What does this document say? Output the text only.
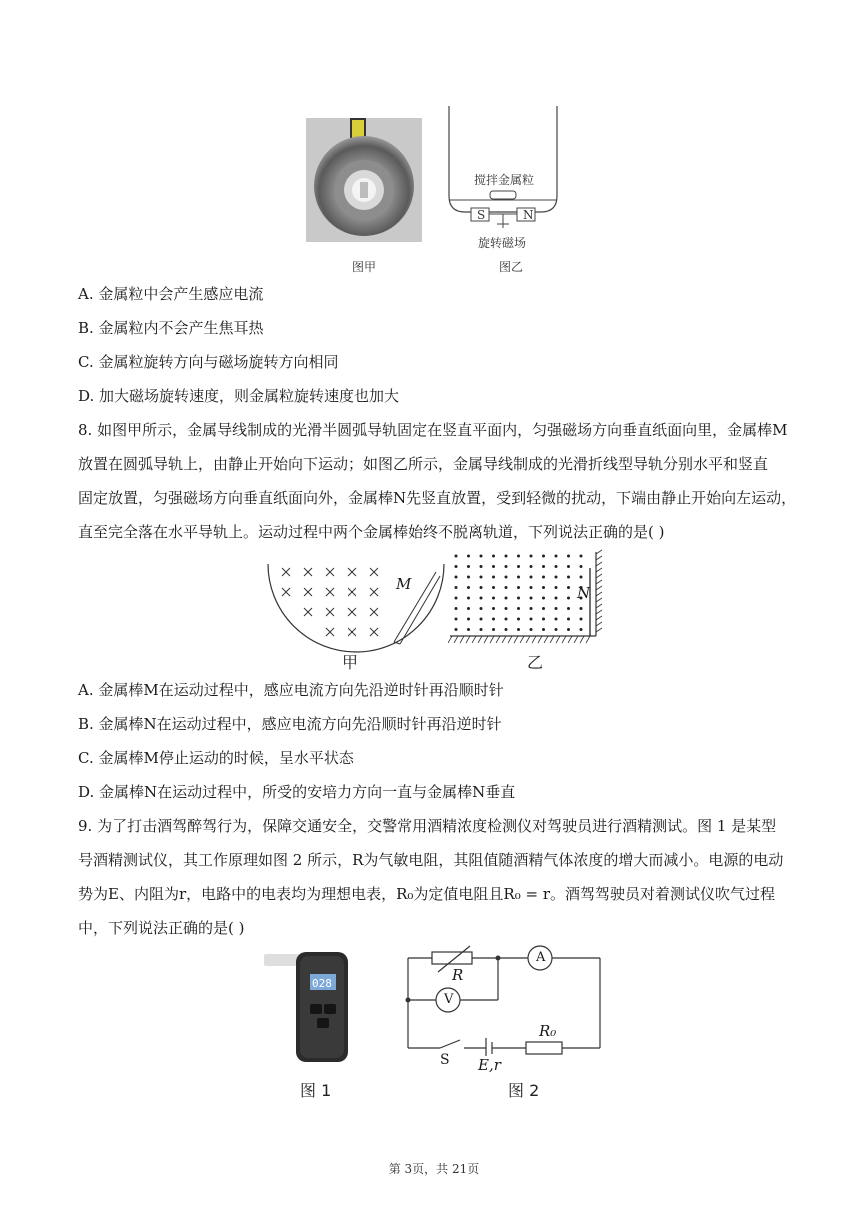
搅拌金属粒
S	N
旋转磁场
图甲	图乙
A. 金属粒中会产生感应电流
B. 金属粒内不会产生焦耳热
C. 金属粒旋转方向与磁场旋转方向相同
D. 加大磁场旋转速度，则金属粒旋转速度也加大
8. 如图甲所示，金属导线制成的光滑半圆弧导轨固定在竖直平面内，匀强磁场方向垂直纸面向里，金属棒M
放置在圆弧导轨上，由静止开始向下运动；如图乙所示，金属导线制成的光滑折线型导轨分别水平和竖直
固定放置，匀强磁场方向垂直纸面向外，金属棒N先竖直放置，受到轻微的扰动，下端由静止开始向左运动，
直至完全落在水平导轨上。运动过程中两个金属棒始终不脱离轨道，下列说法正确的是( )
M	N
甲	乙
A. 金属棒M在运动过程中，感应电流方向先沿逆时针再沿顺时针
B. 金属棒N在运动过程中，感应电流方向先沿顺时针再沿逆时针
C. 金属棒M停止运动的时候，呈水平状态
D. 金属棒N在运动过程中，所受的安培力方向一直与金属棒N垂直
9. 为了打击酒驾醉驾行为，保障交通安全，交警常用酒精浓度检测仪对驾驶员进行酒精测试。图 1 是某型
号酒精测试仪，其工作原理如图 2 所示，R为气敏电阻，其阻值随酒精气体浓度的增大而减小。电源的电动
势为E、内阻为r，电路中的电表均为理想电表，R₀为定值电阻且R₀ = r。酒驾驾驶员对着测试仪吹气过程
中，下列说法正确的是( )
028	R
A
V
S E,r
R₀
图 1	图 2
第 3页，共 21页
